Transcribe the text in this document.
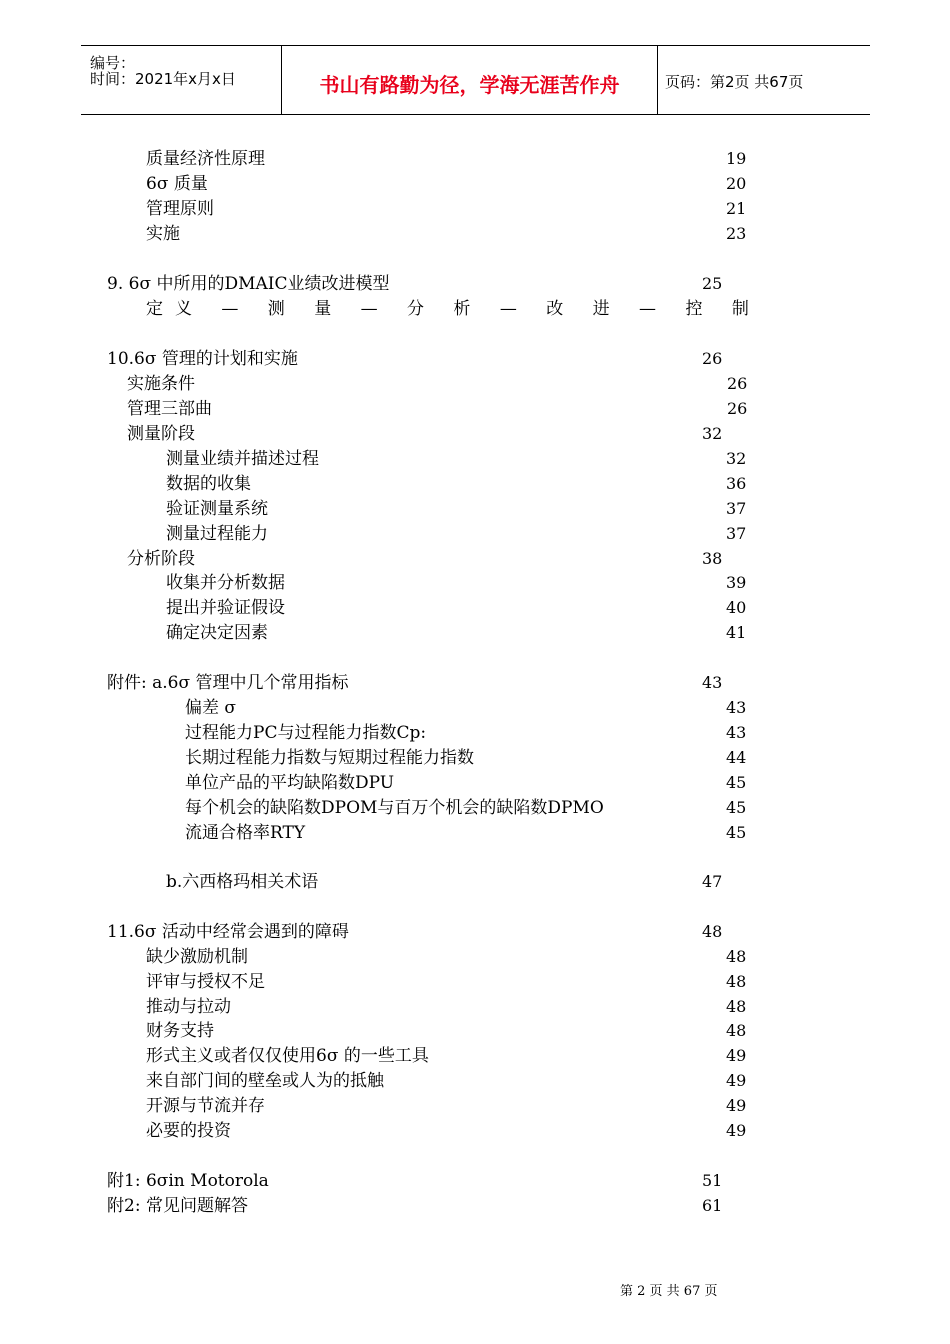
编号：
时间：2021年x月x日	书山有路勤为径，学海无涯苦作舟	页码：第2页 共67页
质量经济性原理	19
6σ 质量	20
管理原则	21
实施	23
9. 6σ 中所用的DMAIC业绩改进模型	25
定义 — 测 量 — 分 析 — 改 进 — 控 制
10.6σ 管理的计划和实施	26
实施条件	26
管理三部曲	26
测量阶段	32
测量业绩并描述过程	32
数据的收集	36
验证测量系统	37
测量过程能力	37
分析阶段	38
收集并分析数据	39
提出并验证假设	40
确定决定因素	41
附件: a.6σ 管理中几个常用指标	43
偏差 σ	43
过程能力PC与过程能力指数Cp:	43
长期过程能力指数与短期过程能力指数	44
单位产品的平均缺陷数DPU	45
每个机会的缺陷数DPOM与百万个机会的缺陷数DPMO	45
流通合格率RTY	45
b.六西格玛相关术语	47
11.6σ 活动中经常会遇到的障碍	48
缺少激励机制	48
评审与授权不足	48
推动与拉动	48
财务支持	48
形式主义或者仅仅使用6σ 的一些工具	49
来自部门间的壁垒或人为的抵触	49
开源与节流并存	49
必要的投资	49
附1: 6σin Motorola	51
附2: 常见问题解答	61
第 2 页 共 67 页
